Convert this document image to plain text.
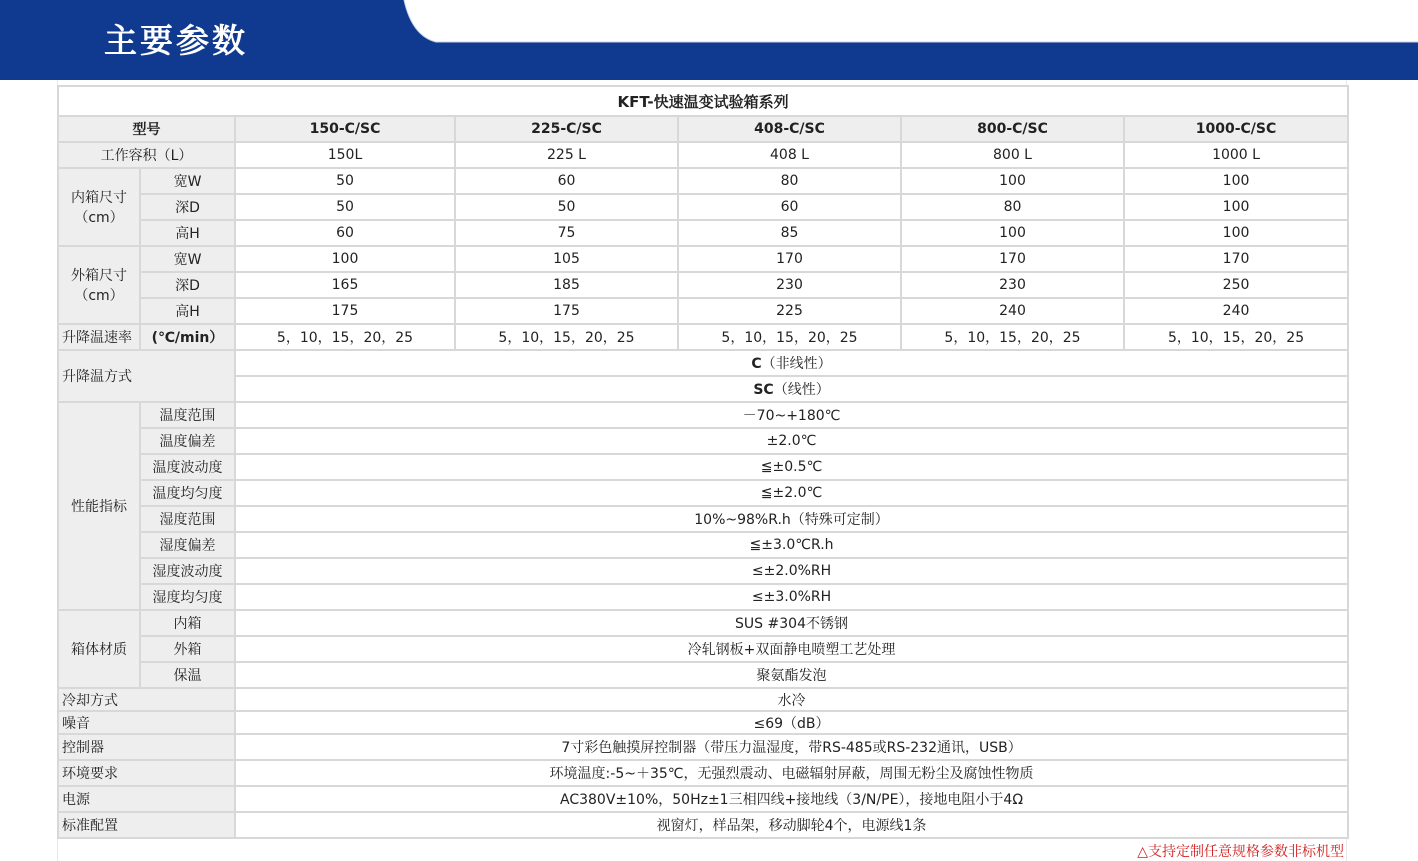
主要参数
KFT-快速温变试验箱系列						
型号		150-C/SC	225-C/SC	408-C/SC	800-C/SC	1000-C/SC
工作容积（L）		150L	225 L	408 L	800 L	1000 L
内箱尺寸（cm）	宽W	50	60	80	100	100
	深D	50	50	60	80	100
	高H	60	75	85	100	100
外箱尺寸（cm）	宽W	100	105	170	170	170
	深D	165	185	230	230	250
	高H	175	175	225	240	240
升降温速率	(℃/min）	5，10，15，20，25	5，10，15，20，25	5，10，15，20，25	5，10，15，20，25	5，10，15，20，25
升降温方式		C（非线性）				
		SC（线性）				
性能指标	温度范围	－70~+180℃				
	温度偏差	±2.0℃				
	温度波动度	≦±0.5℃				
	温度均匀度	≦±2.0℃				
	湿度范围	10%~98%R.h（特殊可定制）				
	湿度偏差	≦±3.0℃R.h				
	湿度波动度	≤±2.0%RH				
	湿度均匀度	≤±3.0%RH				
箱体材质	内箱	SUS #304不锈钢				
	外箱	冷轧钢板+双面静电喷塑工艺处理				
	保温	聚氨酯发泡				
冷却方式		水冷				
噪音		≤69（dB）				
控制器		7寸彩色触摸屏控制器（带压力温湿度，带RS-485或RS-232通讯，USB）				
环境要求		环境温度:-5~＋35℃，无强烈震动、电磁辐射屏蔽，周围无粉尘及腐蚀性物质				
电源		AC380V±10%，50Hz±1三相四线+接地线（3/N/PE），接地电阻小于4Ω				
标准配置		视窗灯，样品架，移动脚轮4个，电源线1条				
△支持定制任意规格参数非标机型
